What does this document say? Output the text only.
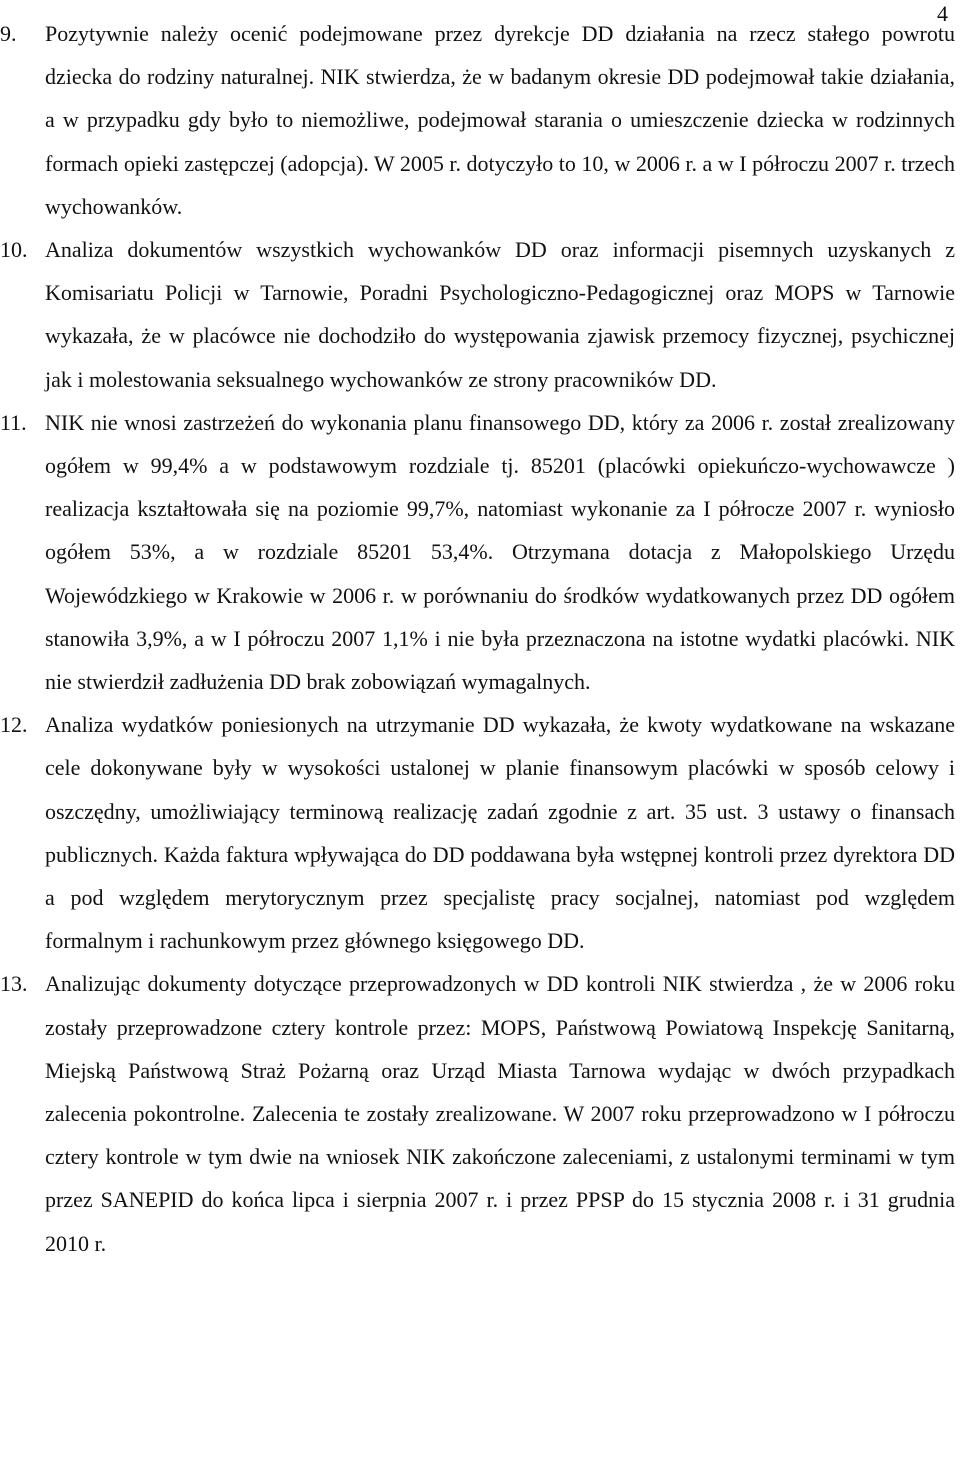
4
9.	Pozytywnie należy ocenić podejmowane przez dyrekcje DD działania na rzecz stałego powrotu dziecka do rodziny naturalnej. NIK stwierdza, że w badanym okresie DD podejmował takie działania, a w przypadku gdy było to niemożliwe, podejmował starania o umieszczenie dziecka w rodzinnych formach opieki zastępczej (adopcja). W 2005 r. dotyczyło to 10, w 2006 r. a w I półroczu 2007 r. trzech wychowanków.
10. Analiza dokumentów wszystkich wychowanków DD oraz informacji pisemnych uzyskanych z Komisariatu Policji w Tarnowie, Poradni Psychologiczno-Pedagogicznej oraz MOPS w Tarnowie wykazała, że w placówce nie dochodziło do występowania zjawisk przemocy fizycznej, psychicznej jak i molestowania seksualnego wychowanków ze strony pracowników DD.
11. NIK nie wnosi zastrzeżeń do wykonania planu finansowego DD, który za 2006 r. został zrealizowany ogółem w 99,4% a w podstawowym rozdziale tj. 85201 (placówki opiekuńczo-wychowawcze ) realizacja kształtowała się na poziomie 99,7%, natomiast wykonanie za I półrocze 2007 r. wyniosło ogółem 53%, a w rozdziale 85201 53,4%. Otrzymana dotacja z Małopolskiego Urzędu Wojewódzkiego w Krakowie w 2006 r. w porównaniu do środków wydatkowanych przez DD ogółem stanowiła 3,9%, a w I półroczu 2007 1,1% i nie była przeznaczona na istotne wydatki placówki. NIK nie stwierdził zadłużenia DD brak zobowiązań wymagalnych.
12. Analiza wydatków poniesionych na utrzymanie DD wykazała, że kwoty wydatkowane na wskazane cele dokonywane były w wysokości ustalonej w planie finansowym placówki w sposób celowy i oszczędny, umożliwiający terminową realizację zadań zgodnie z art. 35 ust. 3 ustawy o finansach publicznych. Każda faktura wpływająca do DD poddawana była wstępnej kontroli przez dyrektora DD a pod względem merytorycznym przez specjalistę pracy socjalnej, natomiast pod względem formalnym i rachunkowym przez głównego księgowego DD.
13. Analizując dokumenty dotyczące przeprowadzonych w DD kontroli NIK stwierdza , że w 2006 roku zostały przeprowadzone cztery kontrole przez: MOPS, Państwową Powiatową Inspekcję Sanitarną, Miejską Państwową Straż Pożarną oraz Urząd Miasta Tarnowa wydając w dwóch przypadkach zalecenia pokontrolne. Zalecenia te zostały zrealizowane. W 2007 roku przeprowadzono w I półroczu cztery kontrole w tym dwie na wniosek NIK zakończone zaleceniami, z ustalonymi terminami w tym przez SANEPID do końca lipca i sierpnia 2007 r. i przez PPSP do 15 stycznia 2008 r. i 31 grudnia 2010 r.
